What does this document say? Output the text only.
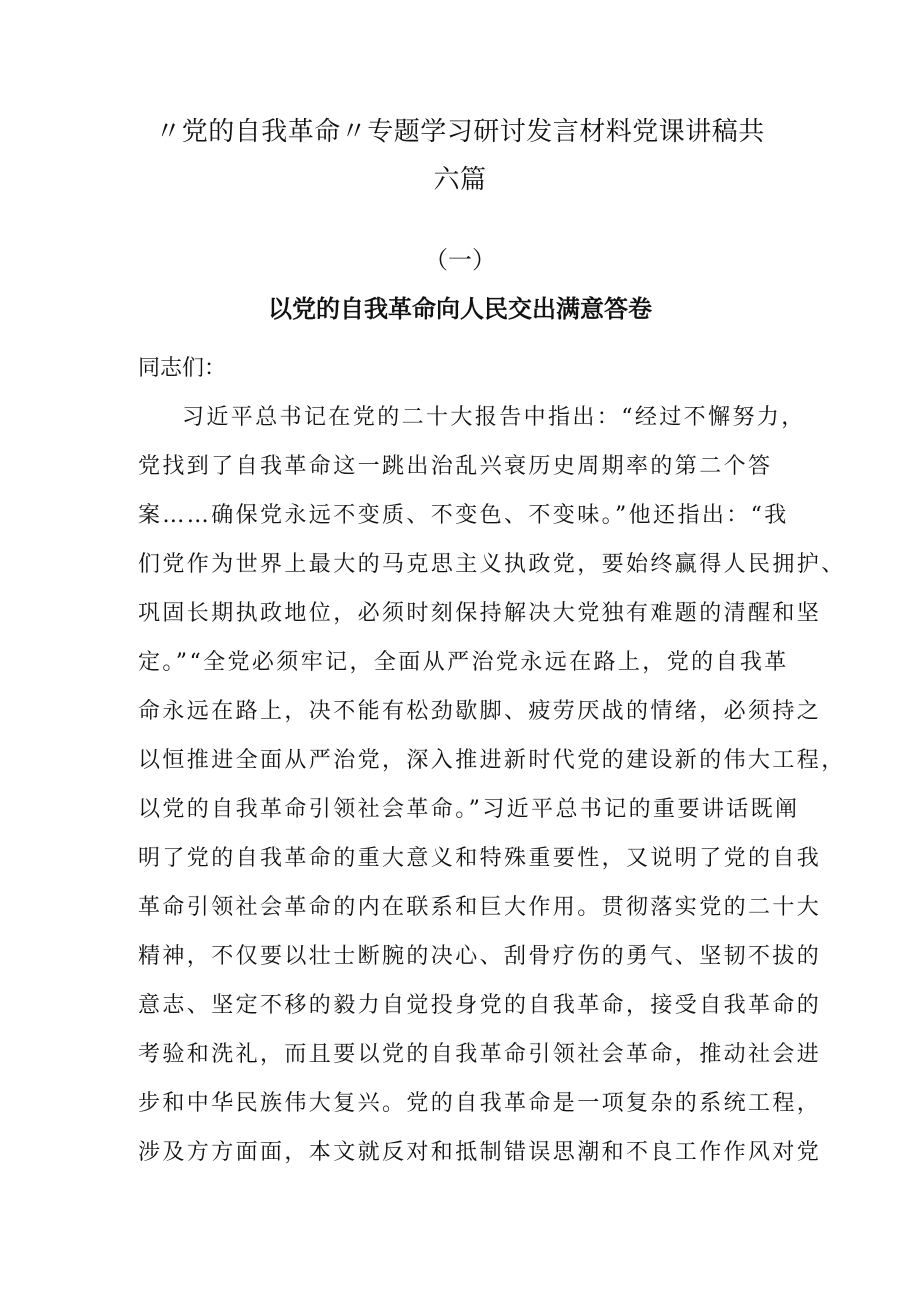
〃党的自我革命〃专题学习研讨发言材料党课讲稿共
六篇
（一）
以党的自我革命向人民交出满意答卷
同志们：
习近平总书记在党的二十大报告中指出：“经过不懈努力，
党找到了自我革命这一跳出治乱兴衰历史周期率的第二个答
案……确保党永远不变质、不变色、不变味。”他还指出：“我
们党作为世界上最大的马克思主义执政党，要始终赢得人民拥护、
巩固长期执政地位，必须时刻保持解决大党独有难题的清醒和坚
定。”“全党必须牢记，全面从严治党永远在路上，党的自我革
命永远在路上，决不能有松劲歇脚、疲劳厌战的情绪，必须持之
以恒推进全面从严治党，深入推进新时代党的建设新的伟大工程，
以党的自我革命引领社会革命。”习近平总书记的重要讲话既阐
明了党的自我革命的重大意义和特殊重要性，又说明了党的自我
革命引领社会革命的内在联系和巨大作用。贯彻落实党的二十大
精神，不仅要以壮士断腕的决心、刮骨疗伤的勇气、坚韧不拔的
意志、坚定不移的毅力自觉投身党的自我革命，接受自我革命的
考验和洗礼，而且要以党的自我革命引领社会革命，推动社会进
步和中华民族伟大复兴。党的自我革命是一项复杂的系统工程，
涉及方方面面，本文就反对和抵制错误思潮和不良工作作风对党
